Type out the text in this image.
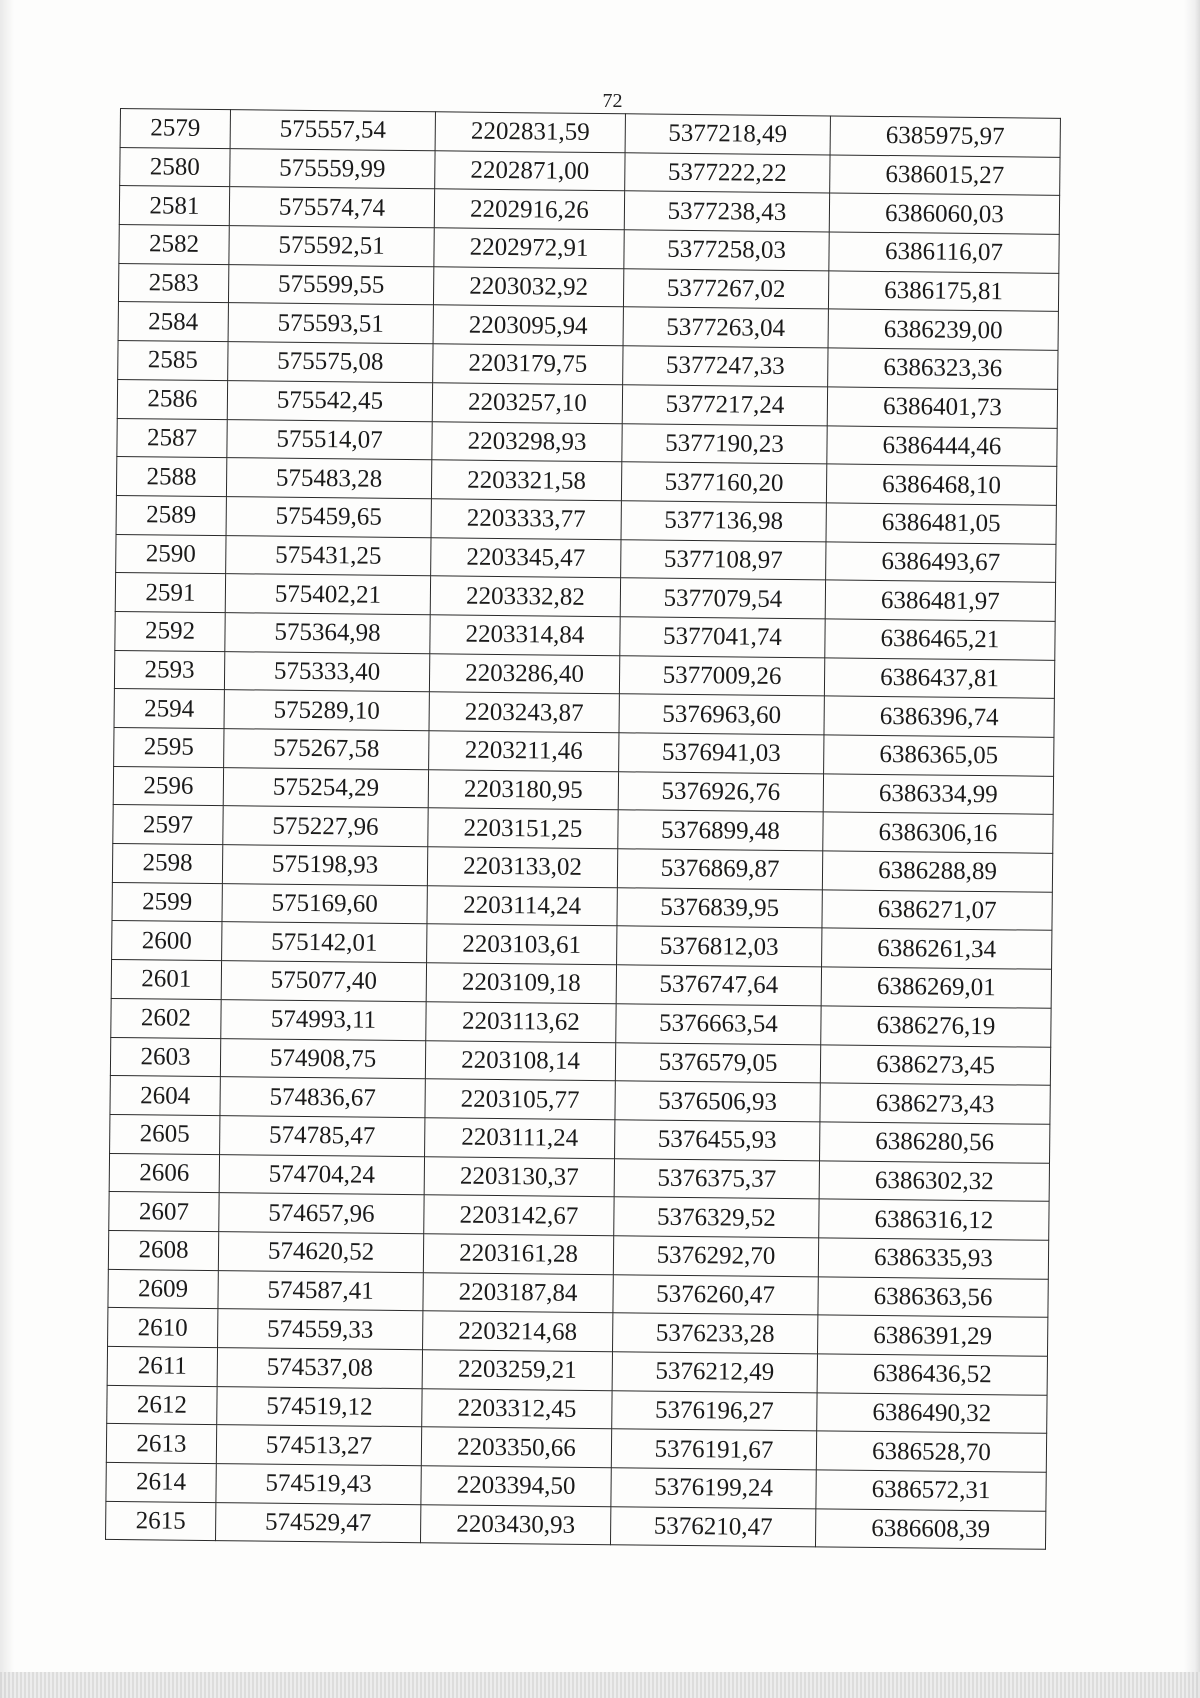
72
2579	575557,54	2202831,59	5377218,49	6385975,97
2580	575559,99	2202871,00	5377222,22	6386015,27
2581	575574,74	2202916,26	5377238,43	6386060,03
2582	575592,51	2202972,91	5377258,03	6386116,07
2583	575599,55	2203032,92	5377267,02	6386175,81
2584	575593,51	2203095,94	5377263,04	6386239,00
2585	575575,08	2203179,75	5377247,33	6386323,36
2586	575542,45	2203257,10	5377217,24	6386401,73
2587	575514,07	2203298,93	5377190,23	6386444,46
2588	575483,28	2203321,58	5377160,20	6386468,10
2589	575459,65	2203333,77	5377136,98	6386481,05
2590	575431,25	2203345,47	5377108,97	6386493,67
2591	575402,21	2203332,82	5377079,54	6386481,97
2592	575364,98	2203314,84	5377041,74	6386465,21
2593	575333,40	2203286,40	5377009,26	6386437,81
2594	575289,10	2203243,87	5376963,60	6386396,74
2595	575267,58	2203211,46	5376941,03	6386365,05
2596	575254,29	2203180,95	5376926,76	6386334,99
2597	575227,96	2203151,25	5376899,48	6386306,16
2598	575198,93	2203133,02	5376869,87	6386288,89
2599	575169,60	2203114,24	5376839,95	6386271,07
2600	575142,01	2203103,61	5376812,03	6386261,34
2601	575077,40	2203109,18	5376747,64	6386269,01
2602	574993,11	2203113,62	5376663,54	6386276,19
2603	574908,75	2203108,14	5376579,05	6386273,45
2604	574836,67	2203105,77	5376506,93	6386273,43
2605	574785,47	2203111,24	5376455,93	6386280,56
2606	574704,24	2203130,37	5376375,37	6386302,32
2607	574657,96	2203142,67	5376329,52	6386316,12
2608	574620,52	2203161,28	5376292,70	6386335,93
2609	574587,41	2203187,84	5376260,47	6386363,56
2610	574559,33	2203214,68	5376233,28	6386391,29
2611	574537,08	2203259,21	5376212,49	6386436,52
2612	574519,12	2203312,45	5376196,27	6386490,32
2613	574513,27	2203350,66	5376191,67	6386528,70
2614	574519,43	2203394,50	5376199,24	6386572,31
2615	574529,47	2203430,93	5376210,47	6386608,39
